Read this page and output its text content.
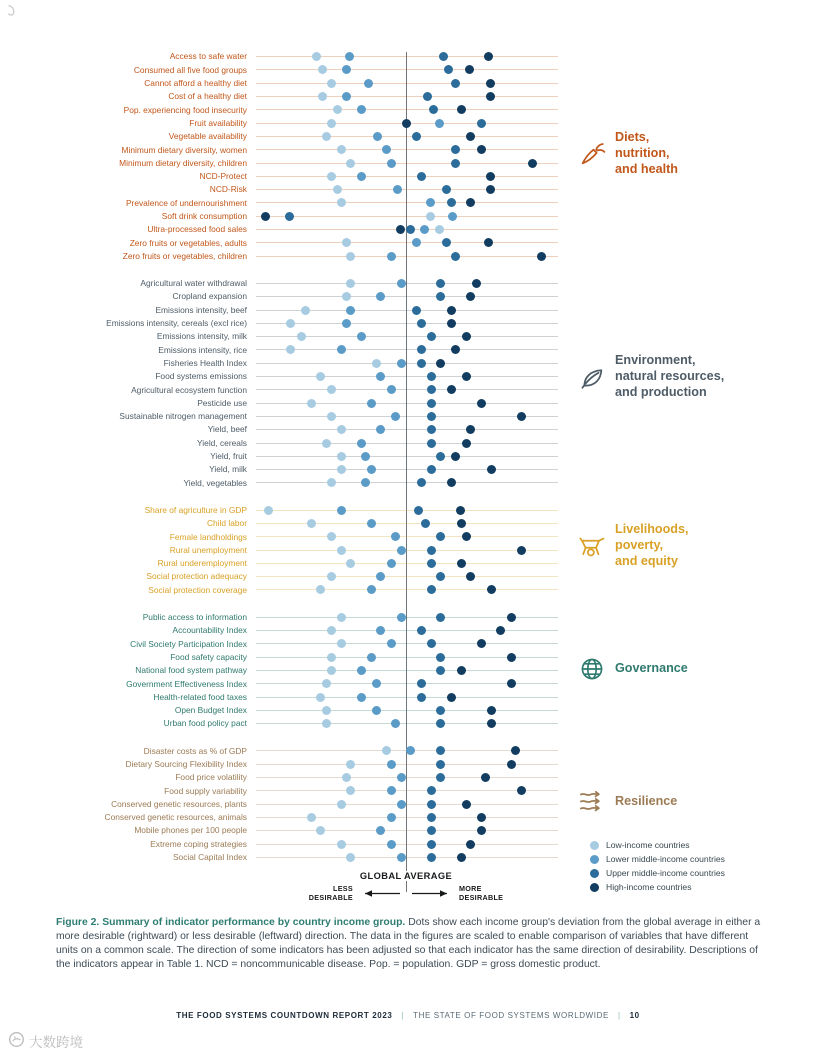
Access to safe water
Consumed all five food groups
Cannot afford a healthy diet
Cost of a healthy diet
Pop. experiencing food insecurity
Fruit availability
Vegetable availability
Minimum dietary diversity, women
Minimum dietary diversity, children
NCD-Protect
NCD-Risk
Prevalence of undernourishment
Soft drink consumption
Ultra-processed food sales
Zero fruits or vegetables, adults
Zero fruits or vegetables, children
Agricultural water withdrawal
Cropland expansion
Emissions intensity, beef
Emissions intensity, cereals (excl rice)
Emissions intensity, milk
Emissions intensity, rice
Fisheries Health Index
Food systems emissions
Agricultural ecosystem function
Pesticide use
Sustainable nitrogen management
Yield, beef
Yield, cereals
Yield, fruit
Yield, milk
Yield, vegetables
Share of agriculture in GDP
Child labor
Female landholdings
Rural unemployment
Rural underemployment
Social protection adequacy
Social protection coverage
Public access to information
Accountability Index
Civil Society Participation Index
Food safety capacity
National food system pathway
Government Effectiveness Index
Health-related food taxes
Open Budget Index
Urban food policy pact
Disaster costs as % of GDP
Dietary Sourcing Flexibility Index
Food price volatility
Food supply variability
Conserved genetic resources, plants
Conserved genetic resources, animals
Mobile phones per 100 people
Extreme coping strategies
Social Capital Index
Diets,
nutrition,
and health
Environment,
natural resources,
and production
Livelihoods,
poverty,
and equity
Governance
Resilience
Low-income countries
Lower middle-income countries
Upper middle-income countries
High-income countries
GLOBAL AVERAGE
LESS
DESIRABLE
MORE
DESIRABLE

Figure 2. Summary of indicator performance by country income group. Dots show each income group's deviation from the global average in either a more desirable (rightward) or less desirable (leftward) direction. The data in the figures are scaled to enable comparison of variables that have different units on a common scale. The direction of some indicators has been adjusted so that each indicator has the same direction of desirability. Descriptions of the indicators appear in Table 1. NCD = noncommunicable disease. Pop. = population. GDP = gross domestic product.

THE FOOD SYSTEMS COUNTDOWN REPORT 2023 | THE STATE OF FOOD SYSTEMS WORLDWIDE | 10
大数跨境
